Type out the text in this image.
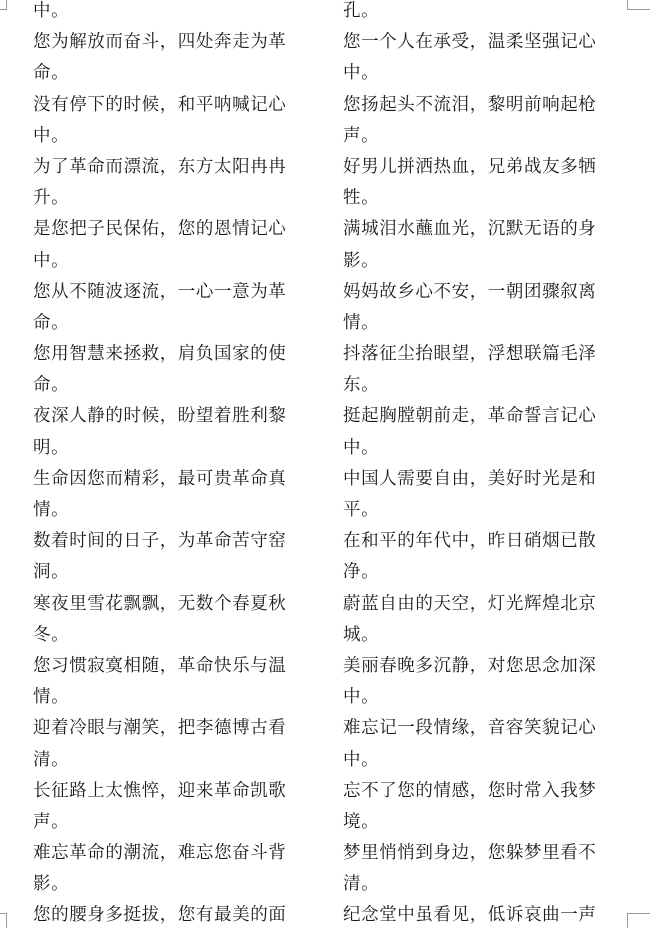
中。
您为解放而奋斗，四处奔走为革
命。
没有停下的时候，和平呐喊记心
中。
为了革命而漂流，东方太阳冉冉
升。
是您把子民保佑，您的恩情记心
中。
您从不随波逐流，一心一意为革
命。
您用智慧来拯救，肩负国家的使
命。
夜深人静的时候，盼望着胜利黎
明。
生命因您而精彩，最可贵革命真
情。
数着时间的日子，为革命苦守窑
洞。
寒夜里雪花飘飘，无数个春夏秋
冬。
您习惯寂寞相随，革命快乐与温
情。
迎着冷眼与潮笑，把李德博古看
清。
长征路上太憔悴，迎来革命凯歌
声。
难忘革命的潮流，难忘您奋斗背
影。
您的腰身多挺拔，您有最美的面
孔。
您一个人在承受，温柔坚强记心
中。
您扬起头不流泪，黎明前响起枪
声。
好男儿拼洒热血，兄弟战友多牺
牲。
满城泪水蘸血光，沉默无语的身
影。
妈妈故乡心不安，一朝团骤叙离
情。
抖落征尘抬眼望，浮想联篇毛泽
东。
挺起胸膛朝前走，革命誓言记心
中。
中国人需要自由，美好时光是和
平。
在和平的年代中，昨日硝烟已散
净。
蔚蓝自由的天空，灯光辉煌北京
城。
美丽春晚多沉静，对您思念加深
中。
难忘记一段情缘，音容笑貌记心
中。
忘不了您的情感，您时常入我梦
境。
梦里悄悄到身边，您躲梦里看不
清。
纪念堂中虽看见，低诉哀曲一声
